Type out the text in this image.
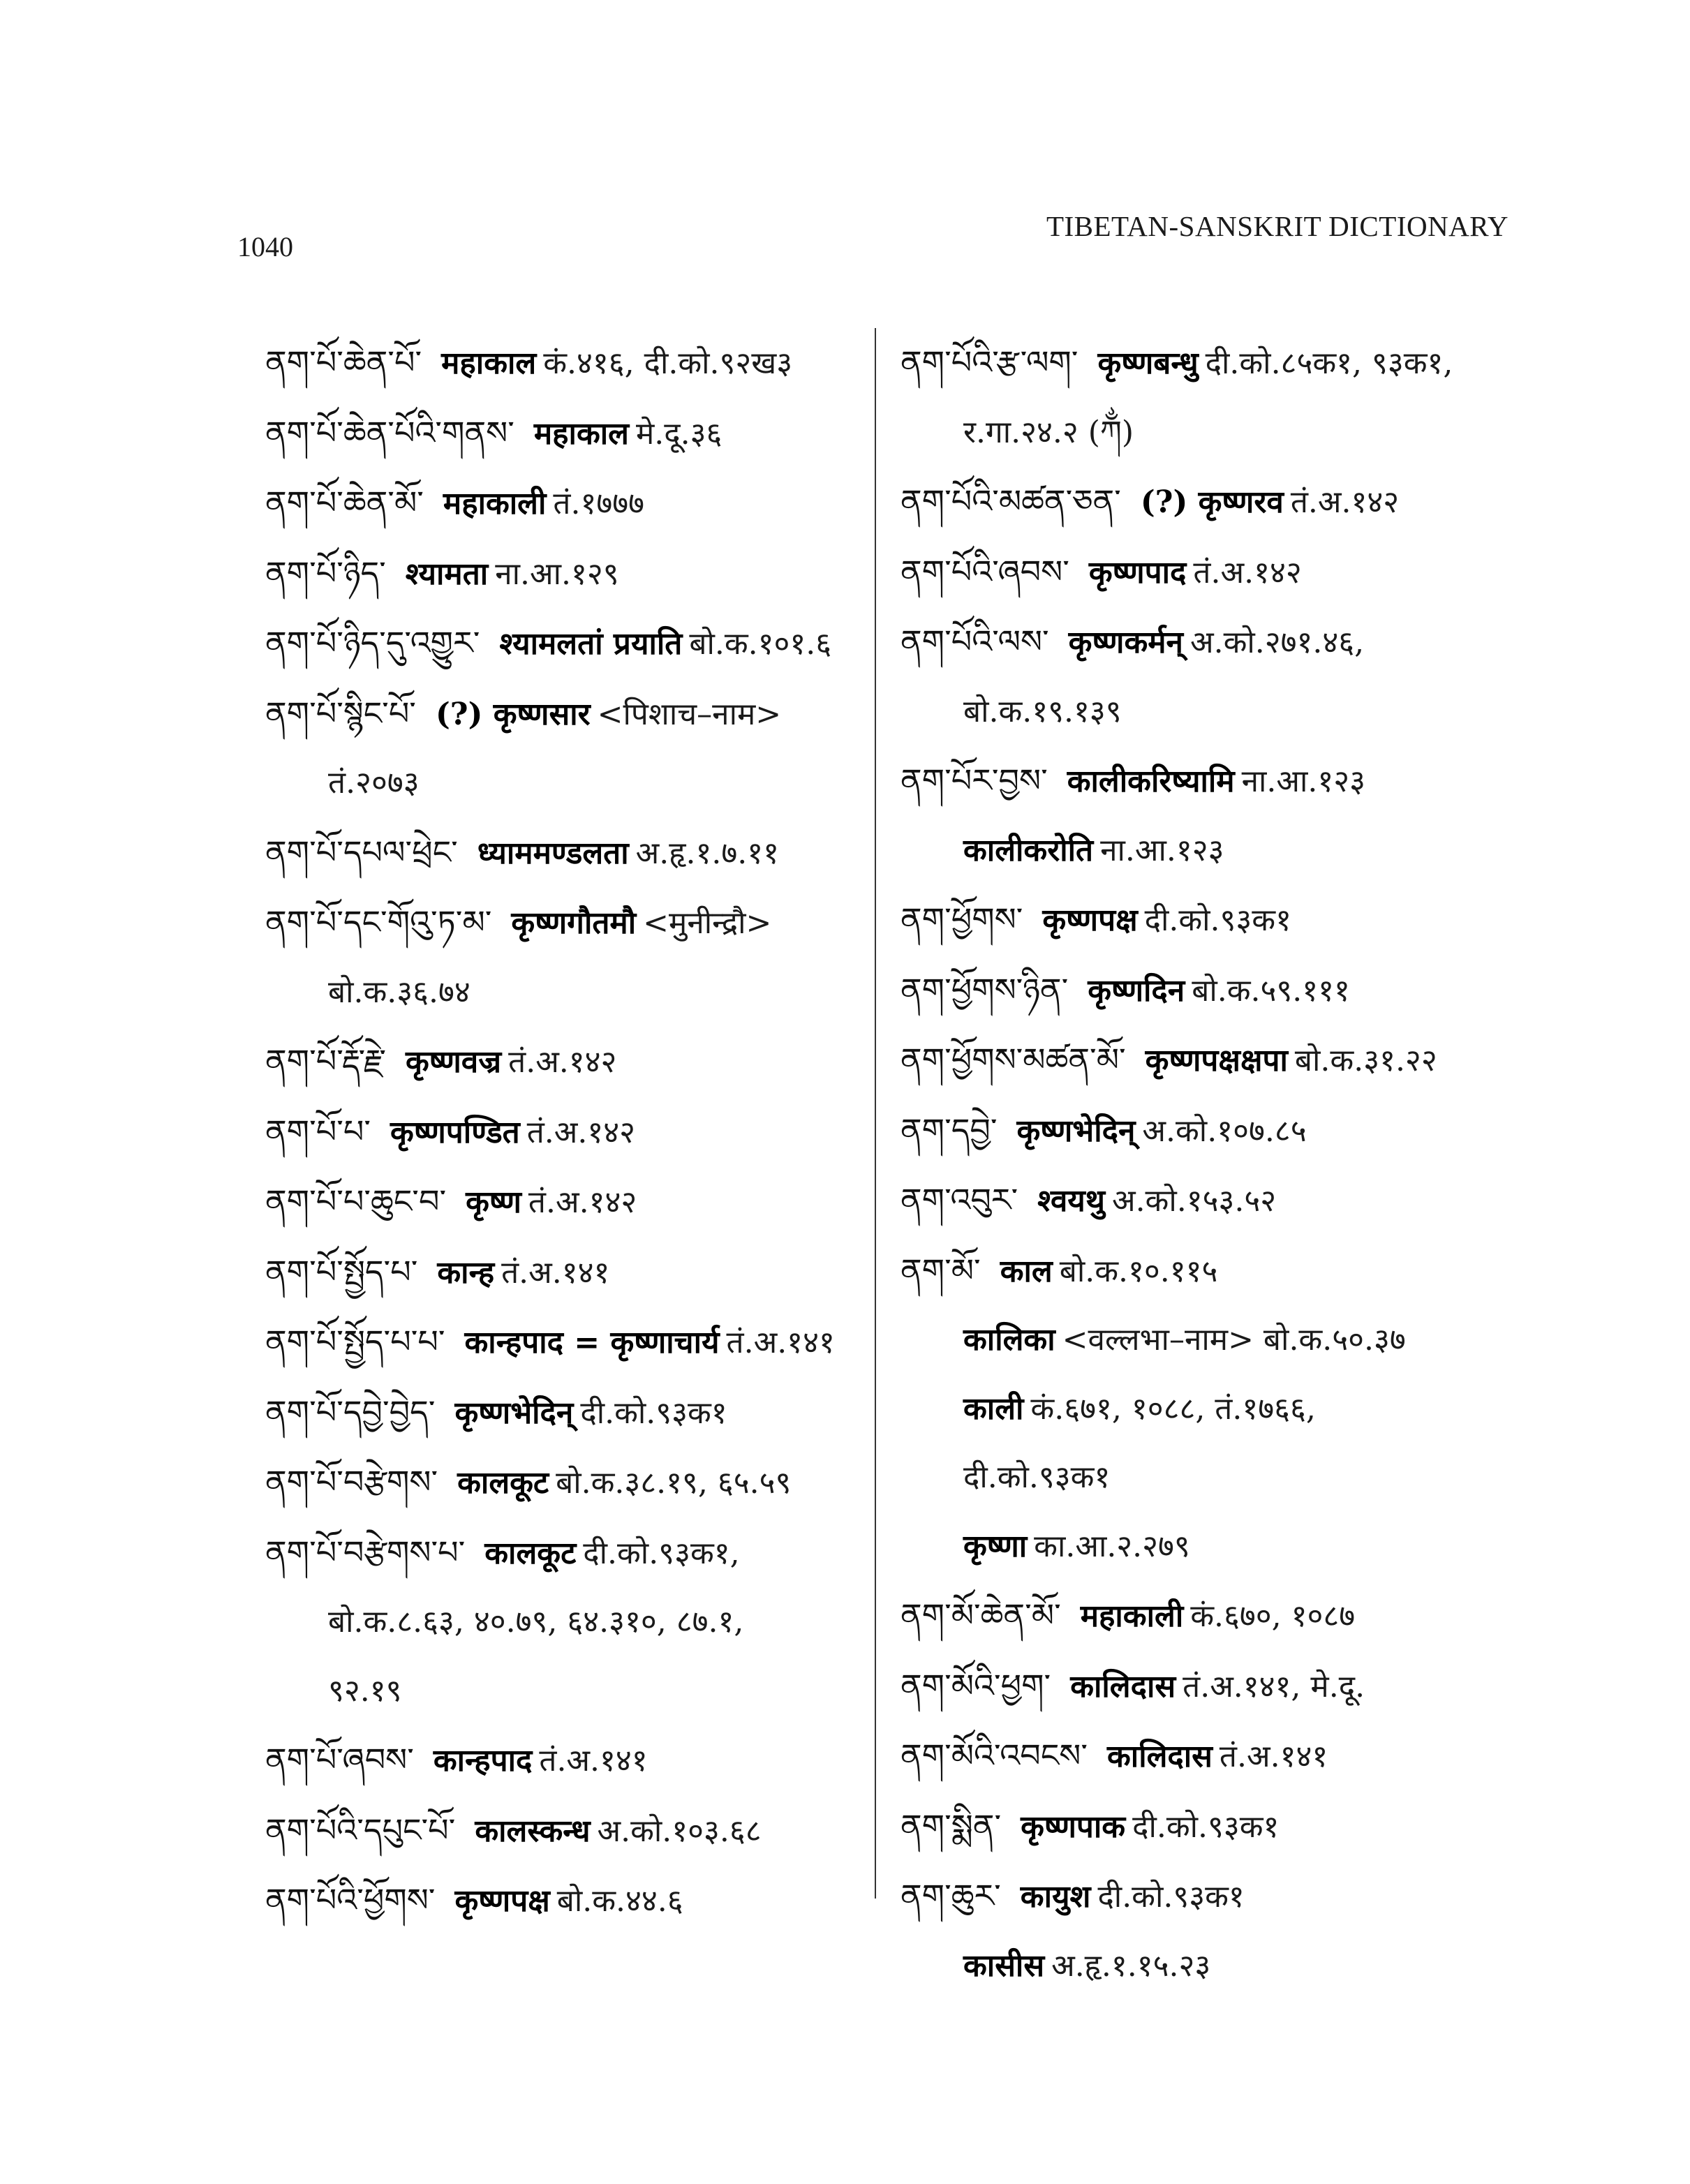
1040
TIBETAN-SANSKRIT DICTIONARY
ནག་པོ་ཆེན་པོ་ महाकाल कं.४१६, दी.को.९२ख३
ནག་པོ་ཆེན་པོའི་གནས་ महाकाल मे.दू.३६
ནག་པོ་ཆེན་མོ་ महाकाली तं.१७७७
ནག་པོ་ཉིད་ श्यामता ना.आ.१२९
ནག་པོ་ཉིད་དུ་འགྱུར་ श्यामलतां प्रयाति बो.क.१०१.६
ནག་པོ་སྙིང་པོ་ (?) कृष्णसार <पिशाच–नाम>
तं.२०७३
ནག་པོ་དཔལ་ཕྲེང་ ध्याममण्डलता अ.हृ.१.७.११
ནག་པོ་དང་གོའུ་ཏ་མ་ कृष्णगौतमौ <मुनीन्द्रौ>
बो.क.३६.७४
ནག་པོ་རྡོ་རྗེ་ कृष्णवज्र तं.अ.१४२
ནག་པོ་པ་ कृष्णपण्डित तं.अ.१४२
ནག་པོ་པ་ཆུང་བ་ कृष्ण तं.अ.१४२
ནག་པོ་སྤྱོད་པ་ कान्ह तं.अ.१४१
ནག་པོ་སྤྱོད་པ་པ་ कान्हपाद = कृष्णाचार्य तं.अ.१४१
ནག་པོ་དབྱེ་བྱེད་ कृष्णभेदिन् दी.को.९३क१
ནག་པོ་བརྩེགས་ कालकूट बो.क.३८.१९, ६५.५९
ནག་པོ་བརྩེགས་པ་ कालकूट दी.को.९३क१,
बो.क.८.६३, ४०.७९, ६४.३१०, ८७.१,
९२.१९
ནག་པོ་ཞབས་ कान्हपाद तं.अ.१४१
ནག་པོའི་དཔུང་པོ་ कालस्कन्ध अ.को.१०३.६८
ནག་པོའི་ཕྱོགས་ कृष्णपक्ष बो.क.४४.६
ནག་པོའི་རྩ་ལག་ कृष्णबन्धु दी.को.८५क१, ९३क१,
र.गा.२४.२ (ཀྂ)
ནག་པོའི་མཚན་ཅན་ (?) कृष्णरव तं.अ.१४२
ནག་པོའི་ཞབས་ कृष्णपाद तं.अ.१४२
ནག་པོའི་ལས་ कृष्णकर्मन् अ.को.२७१.४६,
बो.क.१९.१३९
ནག་པོར་བྱས་ कालीकरिष्यामि ना.आ.१२३
कालीकरोति ना.आ.१२३
ནག་ཕྱོགས་ कृष्णपक्ष दी.को.९३क१
ནག་ཕྱོགས་ཉིན་ कृष्णदिन बो.क.५९.१११
ནག་ཕྱོགས་མཚན་མོ་ कृष्णपक्षक्षपा बो.क.३१.२२
ནག་དབྱེ་ कृष्णभेदिन् अ.को.१०७.८५
ནག་འབུར་ श्वयथु अ.को.१५३.५२
ནག་མོ་ काल बो.क.१०.११५
कालिका <वल्लभा–नाम> बो.क.५०.३७
काली कं.६७१, १०८८, तं.१७६६,
दी.को.९३क१
कृष्णा का.आ.२.२७९
ནག་མོ་ཆེན་མོ་ महाकाली कं.६७०, १०८७
ནག་མོའི་ཕྱག་ कालिदास तं.अ.१४१, मे.दू.
ནག་མོའི་འབངས་ कालिदास तं.अ.१४१
ནག་སྨིན་ कृष्णपाक दी.को.९३क१
ནག་ཆུར་ कायुश दी.को.९३क१
कासीस अ.हृ.१.१५.२३
